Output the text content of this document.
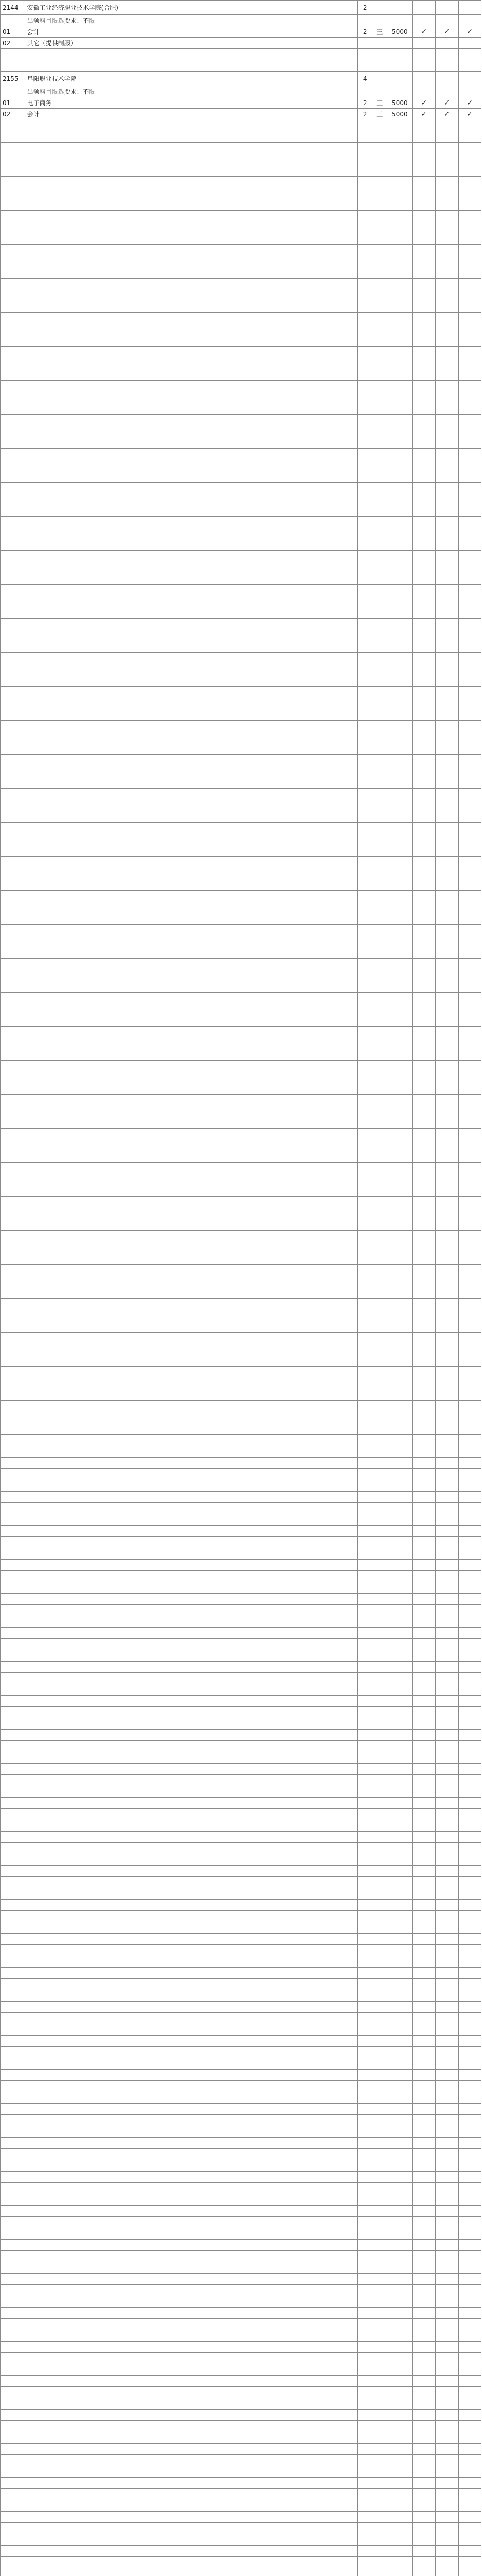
2144	安徽工业经济职业技术学院(合肥)	2					
	出领科目限选要求：不限						
01	会计	2	三	5000	✓	✓	✓
02	其它（提供制服）						

2155	阜阳职业技术学院	4					
	出领科目限选要求：不限						
01	电子商务	2	三	5000	✓	✓	✓
02	会计	2	三	5000	✓	✓	✓
